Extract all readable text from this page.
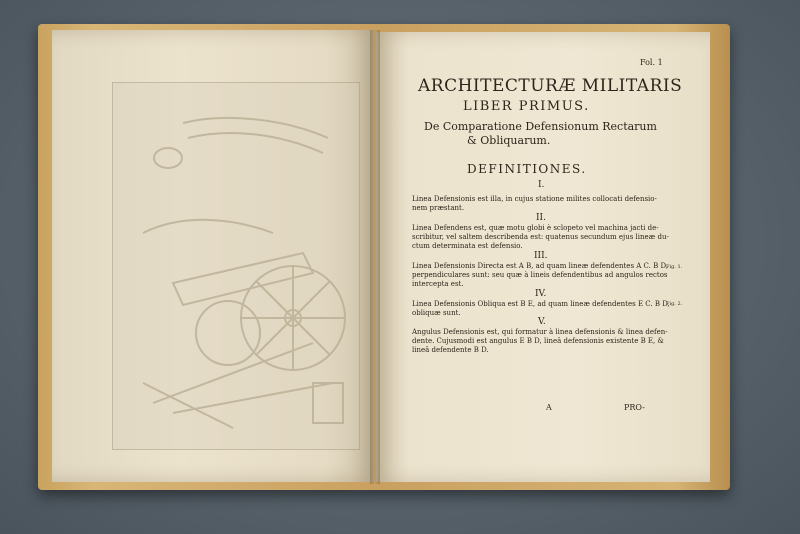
Fol. 1
ARCHITECTURÆ MILITARIS
LIBER PRIMUS.
De Comparatione Defensionum Rectarum
& Obliquarum.
DEFINITIONES.
I.
Linea Defensionis est illa, in cujus statione milites collocati defensio-
nem præstant.
II.
Linea Defendens est, quæ motu globi è sclopeto vel machina jacti de-
scribitur, vel saltem describenda est: quatenus secundum ejus lineæ du-
ctum determinata est defensio.
III.
Linea Defensionis Directa est A B, ad quam lineæ defendentes A C. B D,
perpendiculares sunt: seu quæ à lineis defendentibus ad angulos rectos
intercepta est.
Fig. 1.
IV.
Linea Defensionis Obliqua est B E, ad quam lineæ defendentes E C. B D,
obliquæ sunt.
Fig. 2.
V.
Angulus Defensionis est, qui formatur à linea defensionis & linea defen-
dente. Cujusmodi est angulus E B D, lineâ defensionis existente B E, &
lineâ defendente B D.
A	PRO-
